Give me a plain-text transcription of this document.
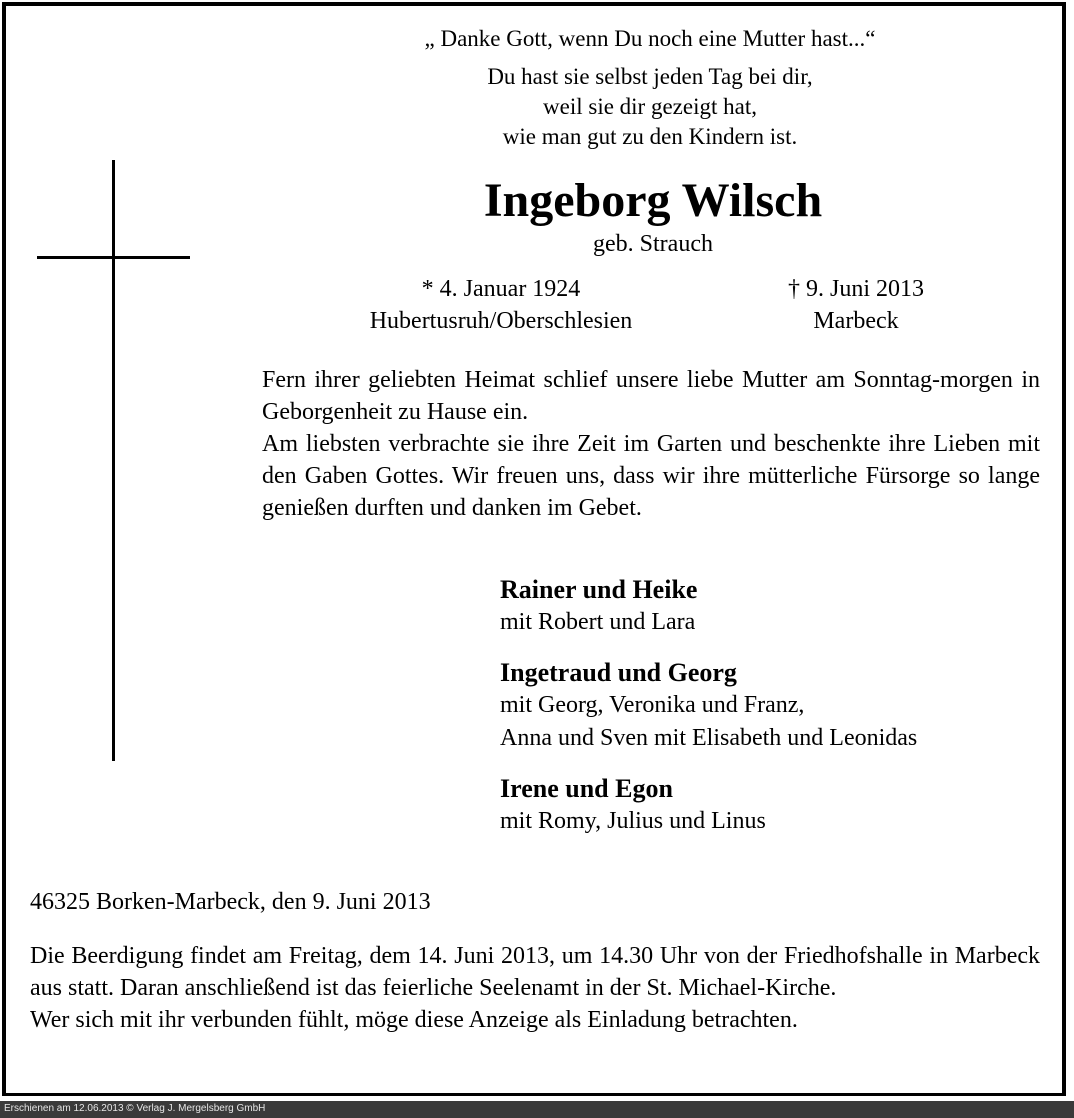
„ Danke Gott, wenn Du noch eine Mutter hast...“
Du hast sie selbst jeden Tag bei dir,
weil sie dir gezeigt hat,
wie man gut zu den Kindern ist.
Ingeborg Wilsch
geb. Strauch
* 4. Januar 1924
Hubertusruh/Oberschlesien
† 9. Juni 2013
Marbeck

Fern ihrer geliebten Heimat schlief unsere liebe Mutter am Sonntag-morgen in Geborgenheit zu Hause ein.

Am liebsten verbrachte sie ihre Zeit im Garten und beschenkte ihre Lieben mit den Gaben Gottes. Wir freuen uns, dass wir ihre mütterliche Fürsorge so lange genießen durften und danken im Gebet.

Rainer und Heike
mit Robert und Lara
Ingetraud und Georg
mit Georg, Veronika und Franz,
Anna und Sven mit Elisabeth und Leonidas
Irene und Egon
mit Romy, Julius und Linus
46325 Borken-Marbeck, den 9. Juni 2013

Die Beerdigung findet am Freitag, dem 14. Juni 2013, um 14.30 Uhr von der Friedhofshalle in Marbeck aus statt. Daran anschließend ist das feierliche Seelenamt in der St. Michael-Kirche.

Wer sich mit ihr verbunden fühlt, möge diese Anzeige als Einladung betrachten.

Erschienen am 12.06.2013 © Verlag J. Mergelsberg GmbH
